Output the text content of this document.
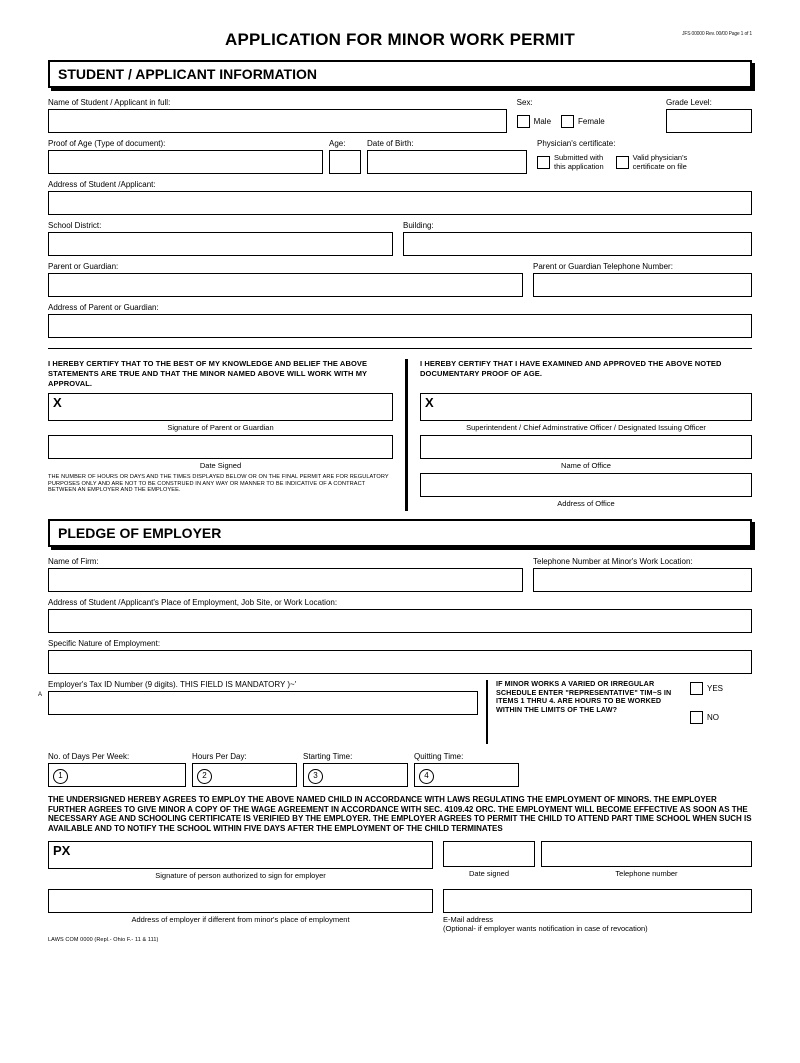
APPLICATION FOR MINOR WORK PERMIT	JFS 00000 Rev. 00/00 Page 1 of 1
STUDENT / APPLICANT INFORMATION
Name of Student / Applicant in full:	Sex:
Male	Female
Grade Level:
Proof of Age (Type of document):	Age:	Date of Birth:	Physician's certificate:
Submitted with
this application
Valid physician's
certificate on file
Address of Student /Applicant:
School District:	Building:
Parent or Guardian:	Parent or Guardian Telephone Number:
Address of Parent or Guardian:
I HEREBY CERTIFY THAT TO THE BEST OF MY KNOWLEDGE AND BELIEF THE ABOVE STATEMENTS ARE TRUE AND THAT THE MINOR NAMED ABOVE WILL WORK WITH MY APPROVAL.
X
Signature of Parent or Guardian
Date Signed
THE NUMBER OF HOURS OR DAYS AND THE TIMES DISPLAYED BELOW OR ON THE FINAL PERMIT ARE FOR REGULATORY PURPOSES ONLY AND ARE NOT TO BE CONSTRUED IN ANY WAY OR MANNER TO BE INDICATIVE OF A CONTRACT BETWEEN AN EMPLOYER AND THE EMPLOYEE.
I HEREBY CERTIFY THAT I HAVE EXAMINED AND APPROVED THE ABOVE NOTED DOCUMENTARY PROOF OF AGE.
X
Superintendent / Chief Adminstrative Officer / Designated Issuing Officer
Name of Office
Address of Office
PLEDGE OF EMPLOYER
Name of Firm:	Telephone Number at Minor's Work Location:
Address of Student /Applicant's Place of Employment, Job Site, or Work Location:
Specific Nature of Employment:
A
Employer's Tax ID Number (9 digits). THIS FIELD IS MANDATORY )~'	IF MINOR WORKS A VARIED OR IRREGULAR SCHEDULE ENTER "REPRESENTATIVE" TIM~S IN ITEMS 1 THRU 4. ARE HOURS TO BE WORKED WITHIN THE LIMITS OF THE LAW?
YES
NO
No. of Days Per Week:
1
Hours Per Day:
2
Starting Time:
3
Quitting Time:
4
THE UNDERSIGNED HEREBY AGREES TO EMPLOY THE ABOVE NAMED CHILD IN ACCORDANCE WITH LAWS REGULATING THE EMPLOYMENT OF MINORS. THE EMPLOYER FURTHER AGREES TO GIVE MINOR A COPY OF THE WAGE AGREEMENT IN ACCORDANCE WITH SEC. 4109.42 ORC. THE EMPLOYMENT WILL BECOME EFFECTIVE AS SOON AS THE NECESSARY AGE AND SCHOOLING CERTIFICATE IS VERIFIED BY THE EMPLOYER. THE EMPLOYER AGREES TO PERMIT THE CHILD TO ATTEND PART TIME SCHOOL WHEN SUCH IS AVAILABLE AND TO NOTIFY THE SCHOOL WITHIN FIVE DAYS AFTER THE EMPLOYMENT OF THE CHILD TERMINATES
PX
Signature of person authorized to sign for employer	Date signed	Telephone number
Address of employer if different from minor's place of employment	E-Mail address
(Optional- if employer wants notification in case of revocation)
LAWS COM 0000 (Repl.- Ohio F.- 11 & 111)
